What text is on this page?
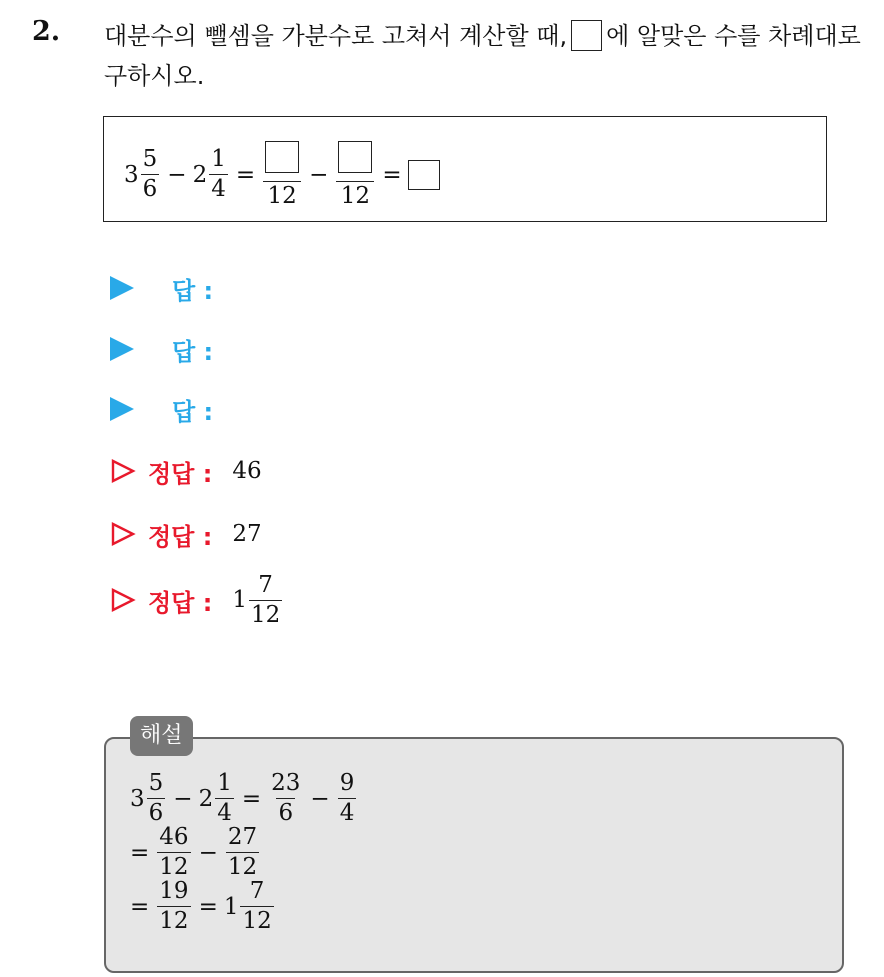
2. 대분수의 뺄셈을 가분수로 고쳐서 계산할 때, 에 알맞은 수를 차례대로 구하시오.
$3 \frac{5}{6} - 2 \frac{1}{4}$ =
12
−
12
=
답 :
답 :
답 :
정답 : 46
정답 : 27
정답 : $1 \frac{7}{12}$
해설
$3 \frac{5}{6} - 2 \frac{1}{4} = \frac{23}{6} - \frac{9}{4}$
= $\frac{46}{12} - \frac{27}{12}$
= $\frac{19}{12} = 1 \frac{7}{12}$
